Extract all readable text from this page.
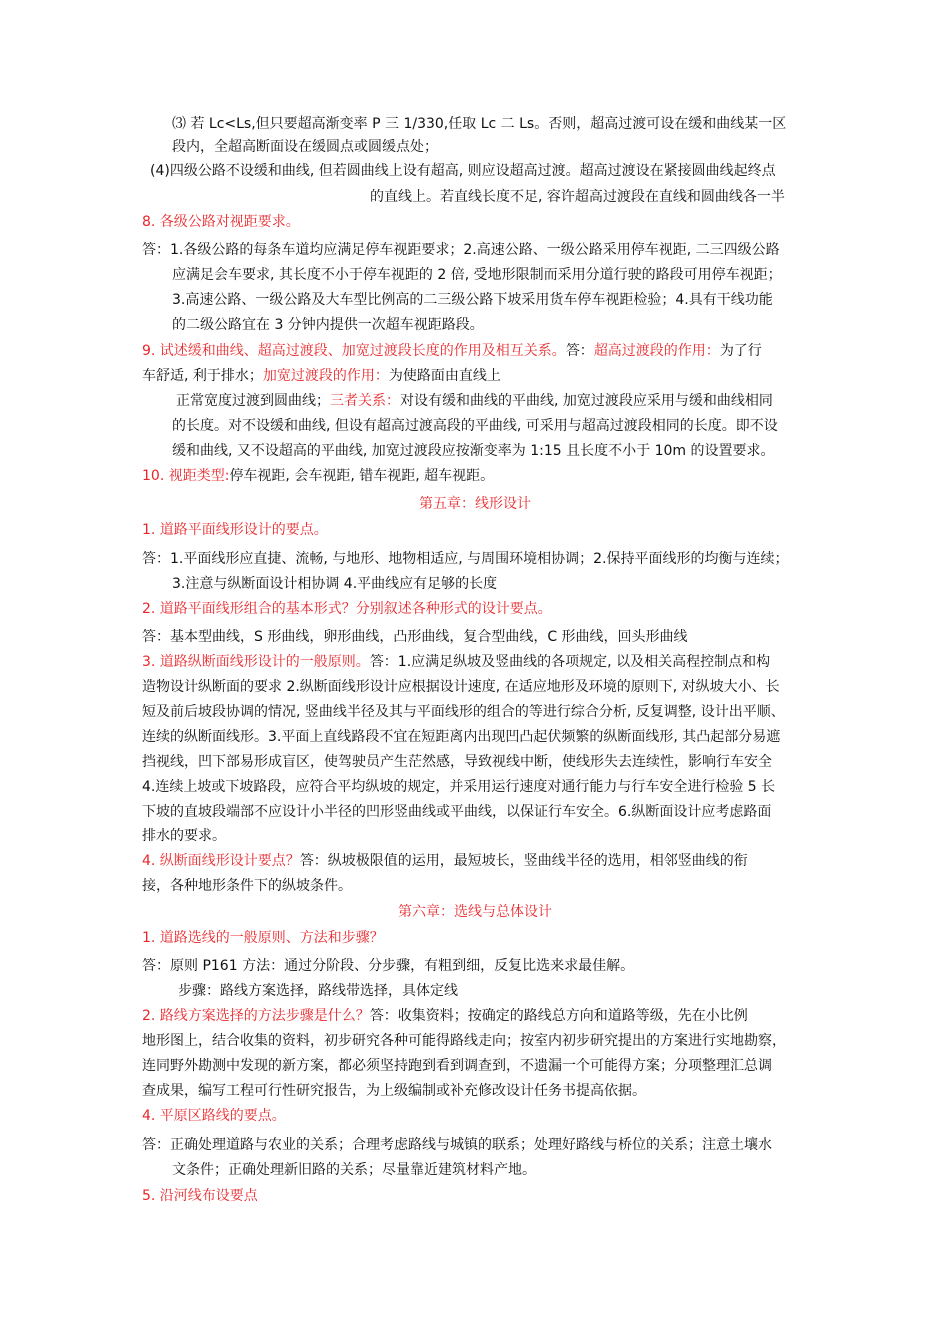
⑶ 若 Lc<Ls,但只要超高渐变率 P 三 1/330,任取 Lc 二 Ls。否则，超高过渡可设在缓和曲线某一区
段内，全超高断面设在缓圆点或圆缓点处；
(4)四级公路不设缓和曲线, 但若圆曲线上设有超高, 则应设超高过渡。超高过渡设在紧接圆曲线起终点
的直线上。若直线长度不足, 容许超高过渡段在直线和圆曲线各一半
8. 各级公路对视距要求。
答：1.各级公路的每条车道均应满足停车视距要求；2.高速公路、一级公路采用停车视距, 二三四级公路
应满足会车要求, 其长度不小于停车视距的 2 倍, 受地形限制而采用分道行驶的路段可用停车视距；
3.高速公路、一级公路及大车型比例高的二三级公路下坡采用货车停车视距检验；4.具有干线功能
的二级公路宜在 3 分钟内提供一次超车视距路段。
9. 试述缓和曲线、超高过渡段、加宽过渡段长度的作用及相互关系。答：超高过渡段的作用：为了行
车舒适, 利于排水；加宽过渡段的作用：为使路面由直线上
正常宽度过渡到圆曲线；三者关系：对设有缓和曲线的平曲线, 加宽过渡段应采用与缓和曲线相同
的长度。对不设缓和曲线, 但设有超高过渡高段的平曲线, 可采用与超高过渡段相同的长度。即不设
缓和曲线, 又不设超高的平曲线, 加宽过渡段应按渐变率为 1:15 且长度不小于 10m 的设置要求。
10. 视距类型:停车视距, 会车视距, 错车视距, 超车视距。
第五章：线形设计
1. 道路平面线形设计的要点。
答：1.平面线形应直捷、流畅, 与地形、地物相适应, 与周围环境相协调；2.保持平面线形的均衡与连续；
3.注意与纵断面设计相协调 4.平曲线应有足够的长度
2. 道路平面线形组合的基本形式？分别叙述各种形式的设计要点。
答：基本型曲线，S 形曲线，卵形曲线，凸形曲线，复合型曲线，C 形曲线，回头形曲线
3. 道路纵断面线形设计的一般原则。答：1.应满足纵坡及竖曲线的各项规定, 以及相关高程控制点和构
造物设计纵断面的要求 2.纵断面线形设计应根据设计速度, 在适应地形及环境的原则下, 对纵坡大小、长
短及前后坡段协调的情况, 竖曲线半径及其与平面线形的组合的等进行综合分析, 反复调整, 设计出平顺、
连续的纵断面线形。3.平面上直线路段不宜在短距离内出现凹凸起伏频繁的纵断面线形, 其凸起部分易遮
挡视线，凹下部易形成盲区，使驾驶员产生茫然感，导致视线中断，使线形失去连续性，影响行车安全
4.连续上坡或下坡路段，应符合平均纵坡的规定，并采用运行速度对通行能力与行车安全进行检验 5 长
下坡的直坡段端部不应设计小半径的凹形竖曲线或平曲线，以保证行车安全。6.纵断面设计应考虑路面
排水的要求。
4. 纵断面线形设计要点？答：纵坡极限值的运用，最短坡长，竖曲线半径的选用，相邻竖曲线的衔
接，各种地形条件下的纵坡条件。
第六章：选线与总体设计
1. 道路选线的一般原则、方法和步骤？
答：原则 P161 方法：通过分阶段、分步骤，有粗到细，反复比选来求最佳解。
步骤：路线方案选择，路线带选择，具体定线
2. 路线方案选择的方法步骤是什么？答：收集资料；按确定的路线总方向和道路等级，先在小比例
地形图上，结合收集的资料，初步研究各种可能得路线走向；按室内初步研究提出的方案进行实地勘察，
连同野外勘测中发现的新方案，都必须坚持跑到看到调查到，不遗漏一个可能得方案；分项整理汇总调
查成果，编写工程可行性研究报告，为上级编制或补充修改设计任务书提高依据。
4. 平原区路线的要点。
答：正确处理道路与农业的关系；合理考虑路线与城镇的联系；处理好路线与桥位的关系；注意土壤水
文条件；正确处理新旧路的关系；尽量靠近建筑材料产地。
5. 沿河线布设要点
